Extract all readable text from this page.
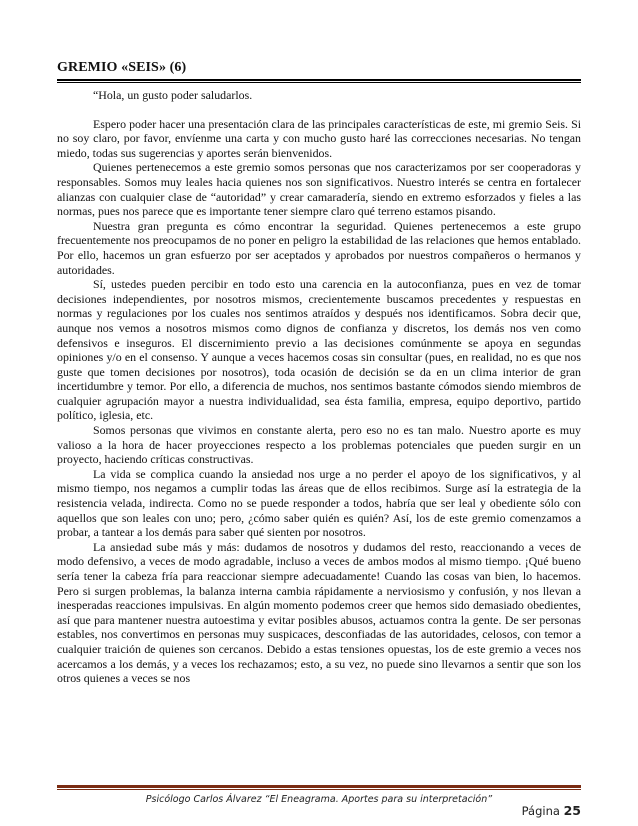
GREMIO «SEIS» (6)

“Hola, un gusto poder saludarlos.

Espero poder hacer una presentación clara de las principales características de este, mi gremio Seis. Si no soy claro, por favor, envíenme una carta y con mucho gusto haré las correcciones necesarias. No tengan miedo, todas sus sugerencias y aportes serán bienvenidos.

Quienes pertenecemos a este gremio somos personas que nos caracterizamos por ser cooperadoras y responsables. Somos muy leales hacia quienes nos son significativos. Nuestro interés se centra en fortalecer alianzas con cualquier clase de “autoridad” y crear camaradería, siendo en extremo esforzados y fieles a las normas, pues nos parece que es importante tener siempre claro qué terreno estamos pisando.

Nuestra gran pregunta es cómo encontrar la seguridad. Quienes pertenecemos a este grupo frecuentemente nos preocupamos de no poner en peligro la estabilidad de las relaciones que hemos entablado. Por ello, hacemos un gran esfuerzo por ser aceptados y aprobados por nuestros compañeros o hermanos y autoridades.

Sí, ustedes pueden percibir en todo esto una carencia en la autoconfianza, pues en vez de tomar decisiones independientes, por nosotros mismos, crecientemente buscamos precedentes y respuestas en normas y regulaciones por los cuales nos sentimos atraídos y después nos identificamos. Sobra decir que, aunque nos vemos a nosotros mismos como dignos de confianza y discretos, los demás nos ven como defensivos e inseguros. El discernimiento previo a las decisiones comúnmente se apoya en segundas opiniones y/o en el consenso. Y aunque a veces hacemos cosas sin consultar (pues, en realidad, no es que nos guste que tomen decisiones por nosotros), toda ocasión de decisión se da en un clima interior de gran incertidumbre y temor. Por ello, a diferencia de muchos, nos sentimos bastante cómodos siendo miembros de cualquier agrupación mayor a nuestra individualidad, sea ésta familia, empresa, equipo deportivo, partido político, iglesia, etc.

Somos personas que vivimos en constante alerta, pero eso no es tan malo. Nuestro aporte es muy valioso a la hora de hacer proyecciones respecto a los problemas potenciales que pueden surgir en un proyecto, haciendo críticas constructivas.

La vida se complica cuando la ansiedad nos urge a no perder el apoyo de los significativos, y al mismo tiempo, nos negamos a cumplir todas las áreas que de ellos recibimos. Surge así la estrategia de la resistencia velada, indirecta. Como no se puede responder a todos, habría que ser leal y obediente sólo con aquellos que son leales con uno; pero, ¿cómo saber quién es quién? Así, los de este gremio comenzamos a probar, a tantear a los demás para saber qué sienten por nosotros.

La ansiedad sube más y más: dudamos de nosotros y dudamos del resto, reaccionando a veces de modo defensivo, a veces de modo agradable, incluso a veces de ambos modos al mismo tiempo. ¡Qué bueno sería tener la cabeza fría para reaccionar siempre adecuadamente! Cuando las cosas van bien, lo hacemos. Pero si surgen problemas, la balanza interna cambia rápidamente a nerviosismo y confusión, y nos llevan a inesperadas reacciones impulsivas. En algún momento podemos creer que hemos sido demasiado obedientes, así que para mantener nuestra autoestima y evitar posibles abusos, actuamos contra la gente. De ser personas estables, nos convertimos en personas muy suspicaces, desconfiadas de las autoridades, celosos, con temor a cualquier traición de quienes son cercanos. Debido a estas tensiones opuestas, los de este gremio a veces nos acercamos a los demás, y a veces los rechazamos; esto, a su vez, no puede sino llevarnos a sentir que son los otros quienes a veces se nos

Psicólogo Carlos Álvarez “El Eneagrama. Aportes para su interpretación”
Página 25
